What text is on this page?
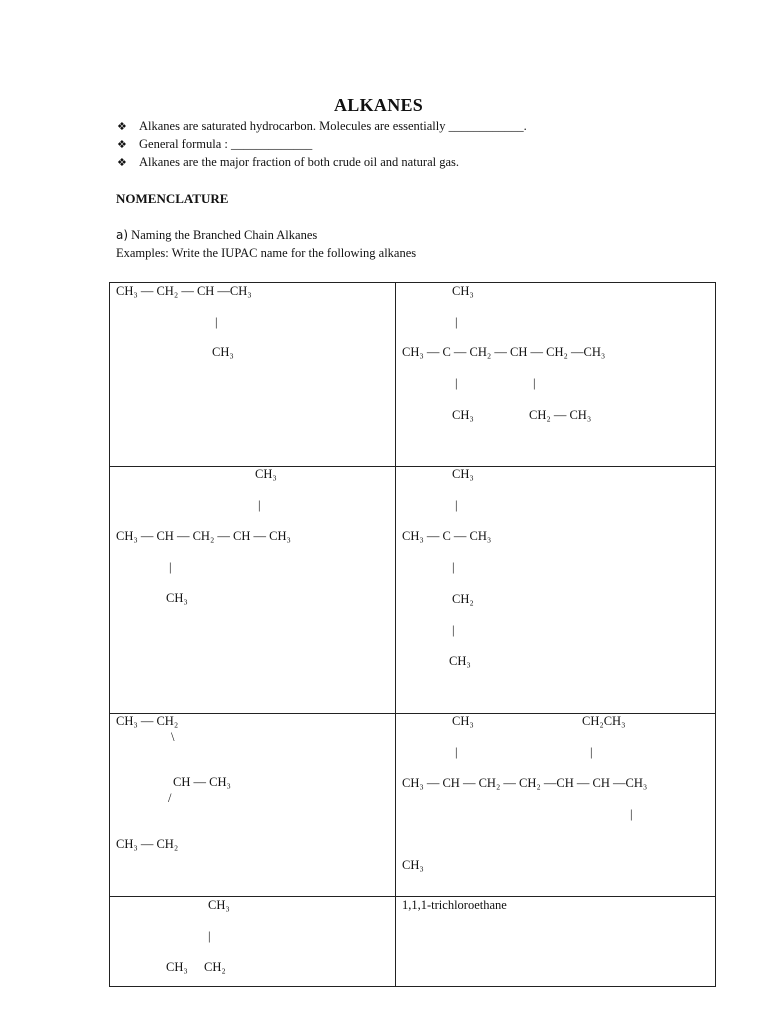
ALKANES
❖ Alkanes are saturated hydrocarbon. Molecules are essentially ____________.
❖ General formula : _____________
❖ Alkanes are the major fraction of both crude oil and natural gas.
NOMENCLATURE
a) Naming the Branched Chain Alkanes
Examples: Write the IUPAC name for the following alkanes
CH₃ — CH₂ — CH —CH₃
|
CH₃
CH₃
|
CH₃ — C — CH₂ — CH — CH₂ —CH₃
|	|
CH₃	CH₂ — CH₃
CH₃
|
CH₃ — CH — CH₂ — CH — CH₃
|
CH₃
CH₃
|
CH₃ — C — CH₃
|
CH₂
|
CH₃
CH₃ — CH₂
\
CH — CH₃
/
CH₃ — CH₂
CH₃	CH₂CH₃
|	|
CH₃ — CH — CH₂ — CH₂ —CH — CH —CH₃
|
CH₃
CH₃
|
CH₃ CH₂
1,1,1-trichloroethane
